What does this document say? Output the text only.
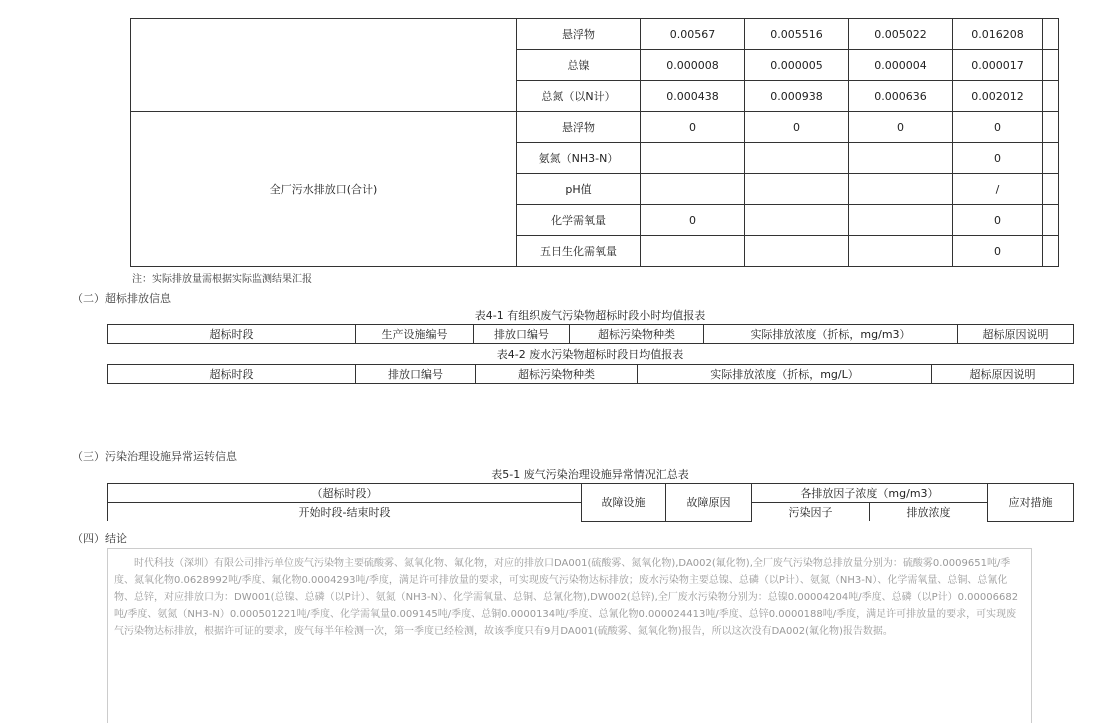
	悬浮物	0.00567	0.005516	0.005022	0.016208	
	总镍	0.000008	0.000005	0.000004	0.000017	
	总氮（以N计）	0.000438	0.000938	0.000636	0.002012	
全厂污水排放口(合计)	悬浮物	0	0	0	0	
	氨氮（NH3-N）				0	
	pH值				/	
	化学需氧量	0			0	
	五日生化需氧量				0	
注：实际排放量需根据实际监测结果汇报
（二）超标排放信息
表4-1 有组织废气污染物超标时段小时均值报表
超标时段	生产设施编号	排放口编号	超标污染物种类	实际排放浓度（折标，mg/m3）	超标原因说明
表4-2 废水污染物超标时段日均值报表
超标时段	排放口编号	超标污染物种类	实际排放浓度（折标，mg/L）	超标原因说明
（三）污染治理设施异常运转信息
表5-1 废气污染治理设施异常情况汇总表
（超标时段）	故障设施	故障原因	各排放因子浓度（mg/m3）		应对措施
开始时段-结束时段			污染因子	排放浓度	
（四）结论

时代科技（深圳）有限公司排污单位废气污染物主要硫酸雾、氮氧化物、氟化物，对应的排放口DA001(硫酸雾、氮氧化物),DA002(氟化物),全厂废气污染物总排放量分别为：硫酸雾0.0009651吨/季度、氮氧化物0.0628992吨/季度、氟化物0.0004293吨/季度，满足许可排放量的要求，可实现废气污染物达标排放；废水污染物主要总镍、总磷（以P计）、氨氮（NH3-N）、化学需氧量、总铜、总氰化物、总锌，对应排放口为：DW001(总镍、总磷（以P计）、氨氮（NH3-N）、化学需氧量、总铜、总氰化物),DW002(总锌),全厂废水污染物分别为：总镍0.00004204吨/季度、总磷（以P计）0.00006682吨/季度、氨氮（NH3-N）0.000501221吨/季度、化学需氧量0.009145吨/季度、总铜0.0000134吨/季度、总氰化物0.000024413吨/季度、总锌0.0000188吨/季度，满足许可排放量的要求，可实现废气污染物达标排放，根据许可证的要求，废气每半年检测一次，第一季度已经检测，故该季度只有9月DA001(硫酸雾、氮氧化物)报告，所以这次没有DA002(氟化物)报告数据。
